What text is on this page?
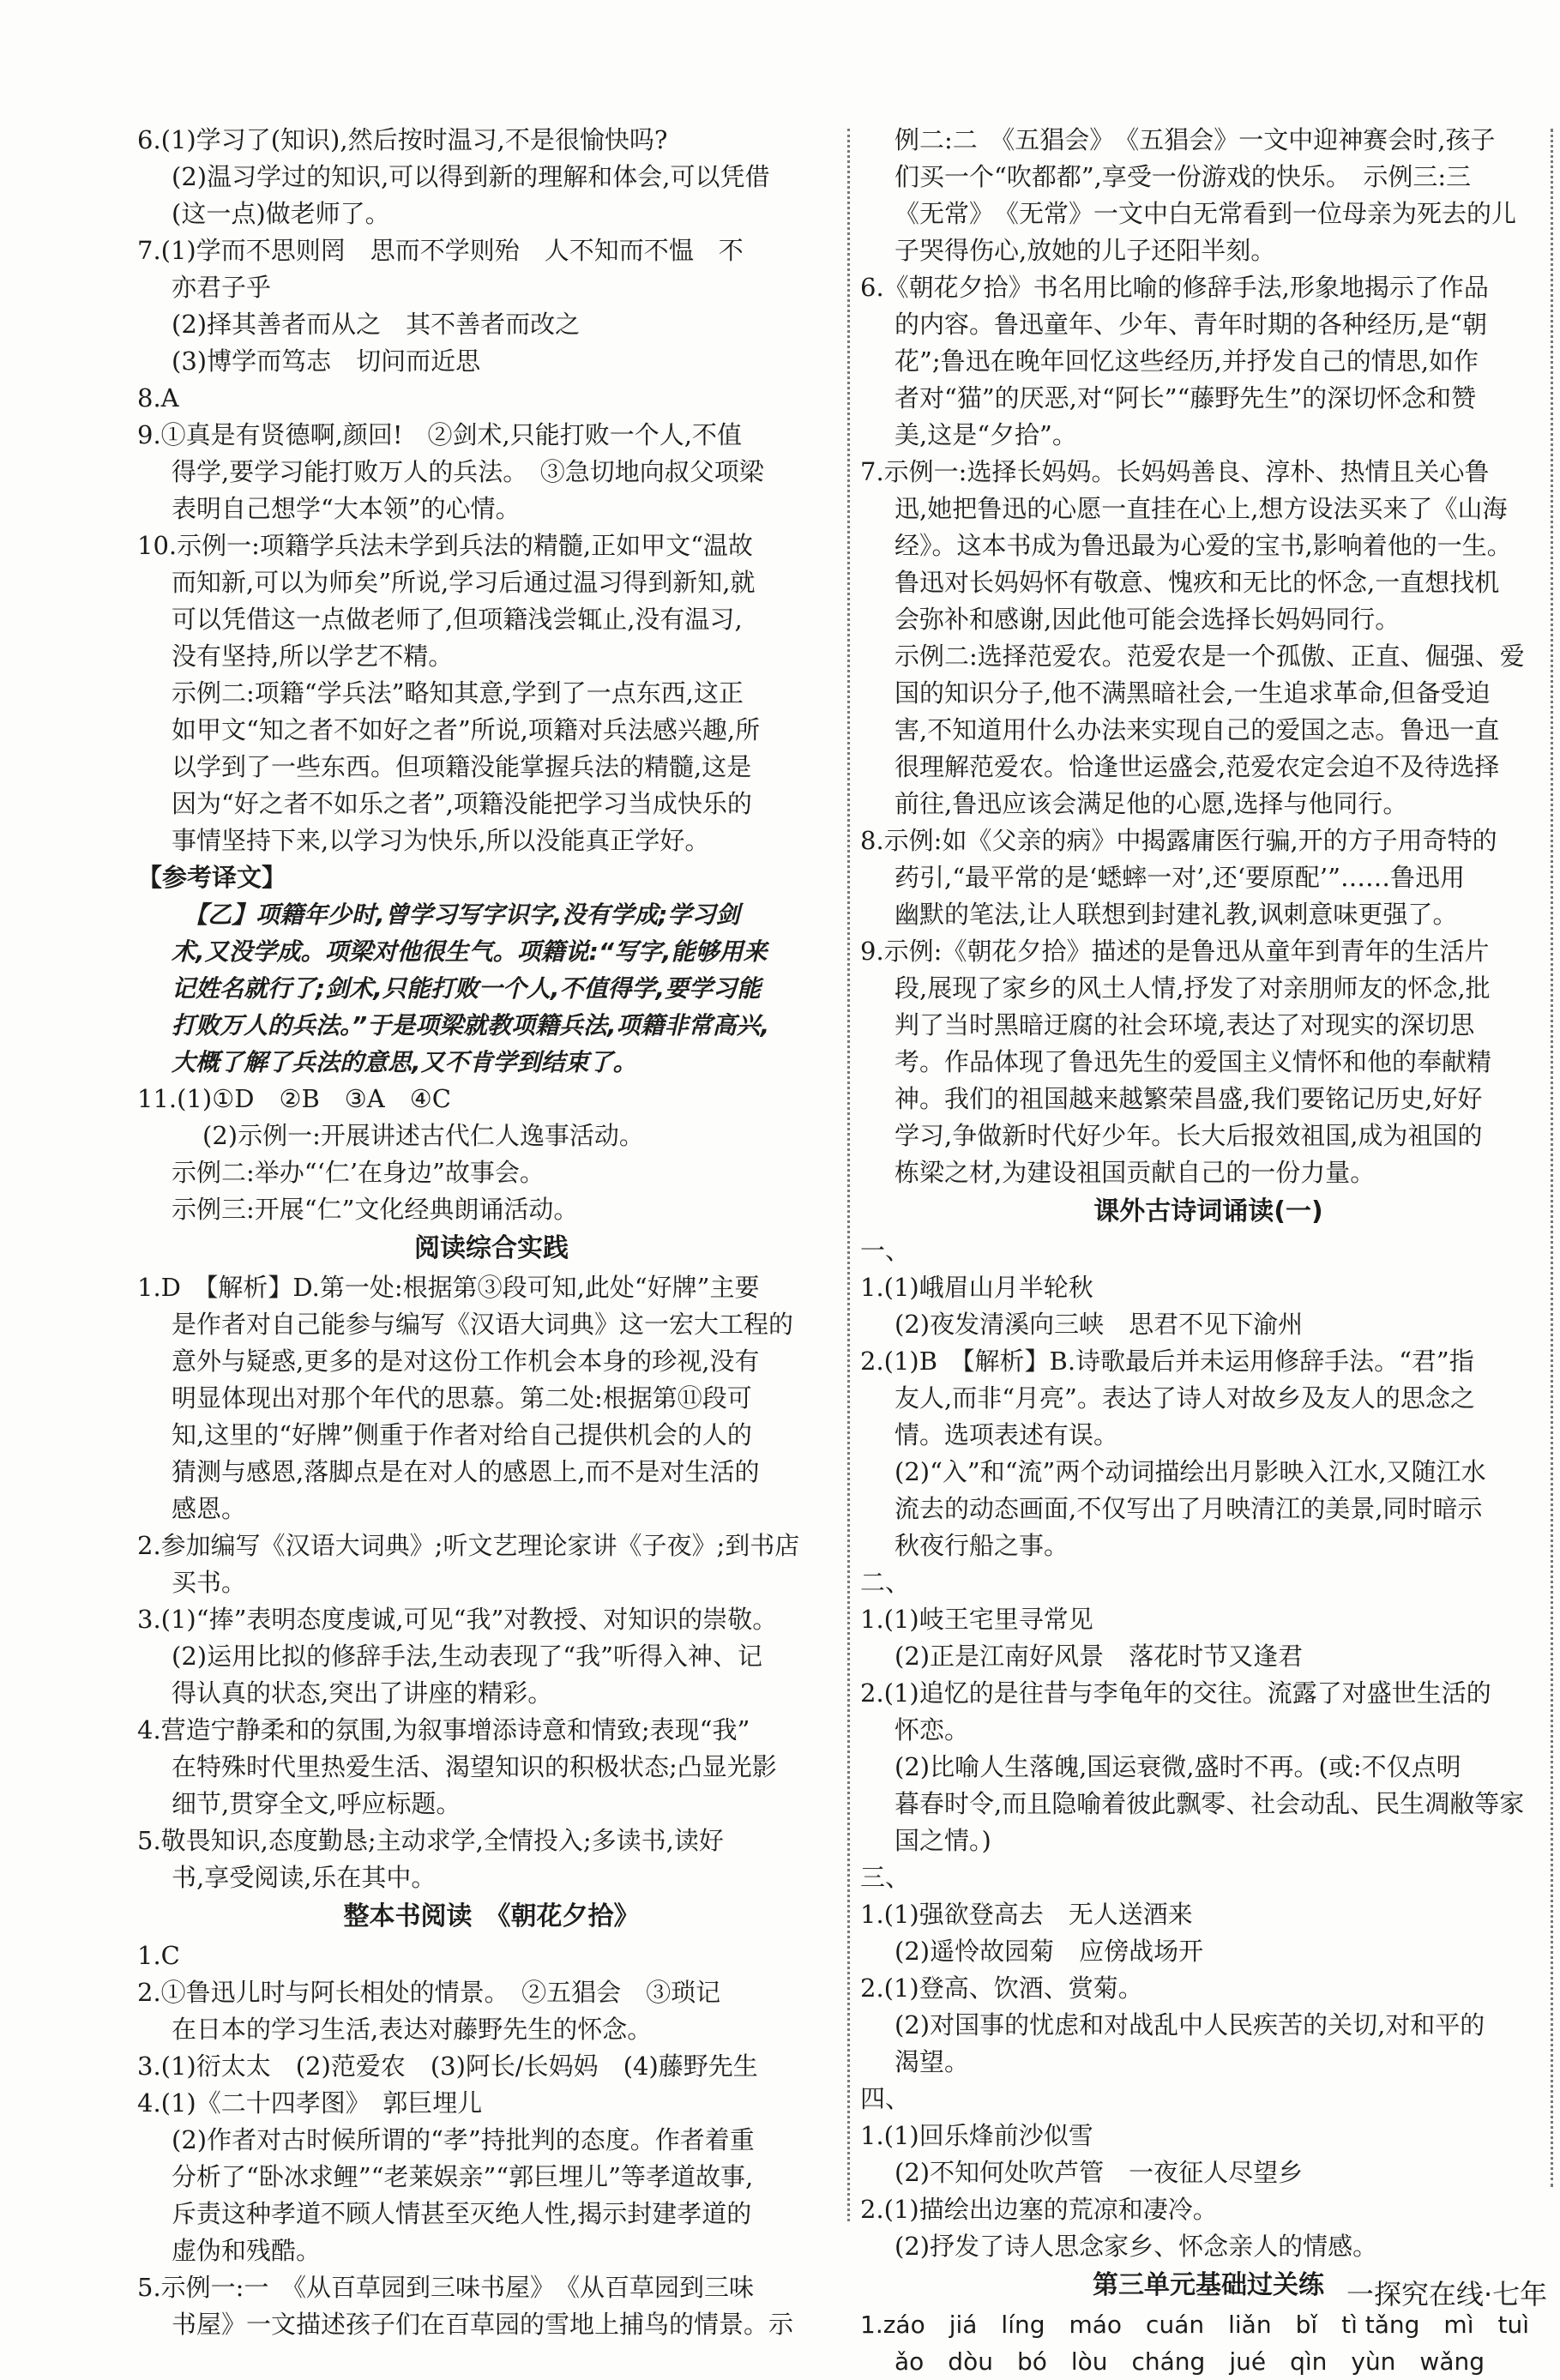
6.(1)学习了(知识),然后按时温习,不是很愉快吗?
(2)温习学过的知识,可以得到新的理解和体会,可以凭借
(这一点)做老师了。
7.(1)学而不思则罔　思而不学则殆　人不知而不愠　不
亦君子乎
(2)择其善者而从之　其不善者而改之
(3)博学而笃志　切问而近思
8.A
9.①真是有贤德啊,颜回!　②剑术,只能打败一个人,不值
得学,要学习能打败万人的兵法。　③急切地向叔父项梁
表明自己想学“大本领”的心情。
10.示例一:项籍学兵法未学到兵法的精髓,正如甲文“温故
而知新,可以为师矣”所说,学习后通过温习得到新知,就
可以凭借这一点做老师了,但项籍浅尝辄止,没有温习,
没有坚持,所以学艺不精。
示例二:项籍“学兵法”略知其意,学到了一点东西,这正
如甲文“知之者不如好之者”所说,项籍对兵法感兴趣,所
以学到了一些东西。但项籍没能掌握兵法的精髓,这是
因为“好之者不如乐之者”,项籍没能把学习当成快乐的
事情坚持下来,以学习为快乐,所以没能真正学好。
【参考译文】
　【乙】项籍年少时,曾学习写字识字,没有学成;学习剑
术,又没学成。项梁对他很生气。项籍说:“写字,能够用来
记姓名就行了;剑术,只能打败一个人,不值得学,要学习能
打败万人的兵法。”于是项梁就教项籍兵法,项籍非常高兴,
大概了解了兵法的意思,又不肯学到结束了。
11.(1)①D　②B　③A　④C
(2)示例一:开展讲述古代仁人逸事活动。
示例二:举办“‘仁’在身边”故事会。
示例三:开展“仁”文化经典朗诵活动。
阅读综合实践
1.D　【解析】D.第一处:根据第③段可知,此处“好牌”主要
是作者对自己能参与编写《汉语大词典》这一宏大工程的
意外与疑惑,更多的是对这份工作机会本身的珍视,没有
明显体现出对那个年代的思慕。第二处:根据第⑪段可
知,这里的“好牌”侧重于作者对给自己提供机会的人的
猜测与感恩,落脚点是在对人的感恩上,而不是对生活的
感恩。
2.参加编写《汉语大词典》;听文艺理论家讲《子夜》;到书店
买书。
3.(1)“捧”表明态度虔诚,可见“我”对教授、对知识的崇敬。
(2)运用比拟的修辞手法,生动表现了“我”听得入神、记
得认真的状态,突出了讲座的精彩。
4.营造宁静柔和的氛围,为叙事增添诗意和情致;表现“我”
在特殊时代里热爱生活、渴望知识的积极状态;凸显光影
细节,贯穿全文,呼应标题。
5.敬畏知识,态度勤恳;主动求学,全情投入;多读书,读好
书,享受阅读,乐在其中。
整本书阅读　《朝花夕拾》
1.C
2.①鲁迅儿时与阿长相处的情景。　②五猖会　③琐记
在日本的学习生活,表达对藤野先生的怀念。
3.(1)衍太太　(2)范爱农　(3)阿长/长妈妈　(4)藤野先生
4.(1)《二十四孝图》　郭巨埋儿
(2)作者对古时候所谓的“孝”持批判的态度。作者着重
分析了“卧冰求鲤”“老莱娱亲”“郭巨埋儿”等孝道故事,
斥责这种孝道不顾人情甚至灭绝人性,揭示封建孝道的
虚伪和残酷。
5.示例一:一　《从百草园到三味书屋》　《从百草园到三味
书屋》一文描述孩子们在百草园的雪地上捕鸟的情景。示
例二:二　《五猖会》　《五猖会》一文中迎神赛会时,孩子
们买一个“吹都都”,享受一份游戏的快乐。　示例三:三
《无常》　《无常》一文中白无常看到一位母亲为死去的儿
子哭得伤心,放她的儿子还阳半刻。
6.《朝花夕拾》书名用比喻的修辞手法,形象地揭示了作品
的内容。鲁迅童年、少年、青年时期的各种经历,是“朝
花”;鲁迅在晚年回忆这些经历,并抒发自己的情思,如作
者对“猫”的厌恶,对“阿长”“藤野先生”的深切怀念和赞
美,这是“夕拾”。
7.示例一:选择长妈妈。长妈妈善良、淳朴、热情且关心鲁
迅,她把鲁迅的心愿一直挂在心上,想方设法买来了《山海
经》。这本书成为鲁迅最为心爱的宝书,影响着他的一生。
鲁迅对长妈妈怀有敬意、愧疚和无比的怀念,一直想找机
会弥补和感谢,因此他可能会选择长妈妈同行。
示例二:选择范爱农。范爱农是一个孤傲、正直、倔强、爱
国的知识分子,他不满黑暗社会,一生追求革命,但备受迫
害,不知道用什么办法来实现自己的爱国之志。鲁迅一直
很理解范爱农。恰逢世运盛会,范爱农定会迫不及待选择
前往,鲁迅应该会满足他的心愿,选择与他同行。
8.示例:如《父亲的病》中揭露庸医行骗,开的方子用奇特的
药引,“最平常的是‘蟋蟀一对’,还‘要原配’”……鲁迅用
幽默的笔法,让人联想到封建礼教,讽刺意味更强了。
9.示例:《朝花夕拾》描述的是鲁迅从童年到青年的生活片
段,展现了家乡的风土人情,抒发了对亲朋师友的怀念,批
判了当时黑暗迂腐的社会环境,表达了对现实的深切思
考。作品体现了鲁迅先生的爱国主义情怀和他的奉献精
神。我们的祖国越来越繁荣昌盛,我们要铭记历史,好好
学习,争做新时代好少年。长大后报效祖国,成为祖国的
栋梁之材,为建设祖国贡献自己的一份力量。
课外古诗词诵读(一)
一、
1.(1)峨眉山月半轮秋
(2)夜发清溪向三峡　思君不见下渝州
2.(1)B　【解析】B.诗歌最后并未运用修辞手法。“君”指
友人,而非“月亮”。表达了诗人对故乡及友人的思念之
情。选项表述有误。
(2)“入”和“流”两个动词描绘出月影映入江水,又随江水
流去的动态画面,不仅写出了月映清江的美景,同时暗示
秋夜行船之事。
二、
1.(1)岐王宅里寻常见
(2)正是江南好风景　落花时节又逢君
2.(1)追忆的是往昔与李龟年的交往。流露了对盛世生活的
怀恋。
(2)比喻人生落魄,国运衰微,盛时不再。(或:不仅点明
暮春时令,而且隐喻着彼此飘零、社会动乱、民生凋敝等家
国之情。)
三、
1.(1)强欲登高去　无人送酒来
(2)遥怜故园菊　应傍战场开
2.(1)登高、饮酒、赏菊。
(2)对国事的忧虑和对战乱中人民疾苦的关切,对和平的
渴望。
四、
1.(1)回乐烽前沙似雪
(2)不知何处吹芦管　一夜征人尽望乡
2.(1)描绘出边塞的荒凉和凄冷。
(2)抒发了诗人思念家乡、怀念亲人的情感。
第三单元基础过关练
1.záo　jiá　líng　máo　cuán　liǎn　bǐ　tì tǎng　mì　tuì
ǎo　dòu　bó　lòu　cháng　jué　qìn　yùn　wǎng
一探究在线·七年
